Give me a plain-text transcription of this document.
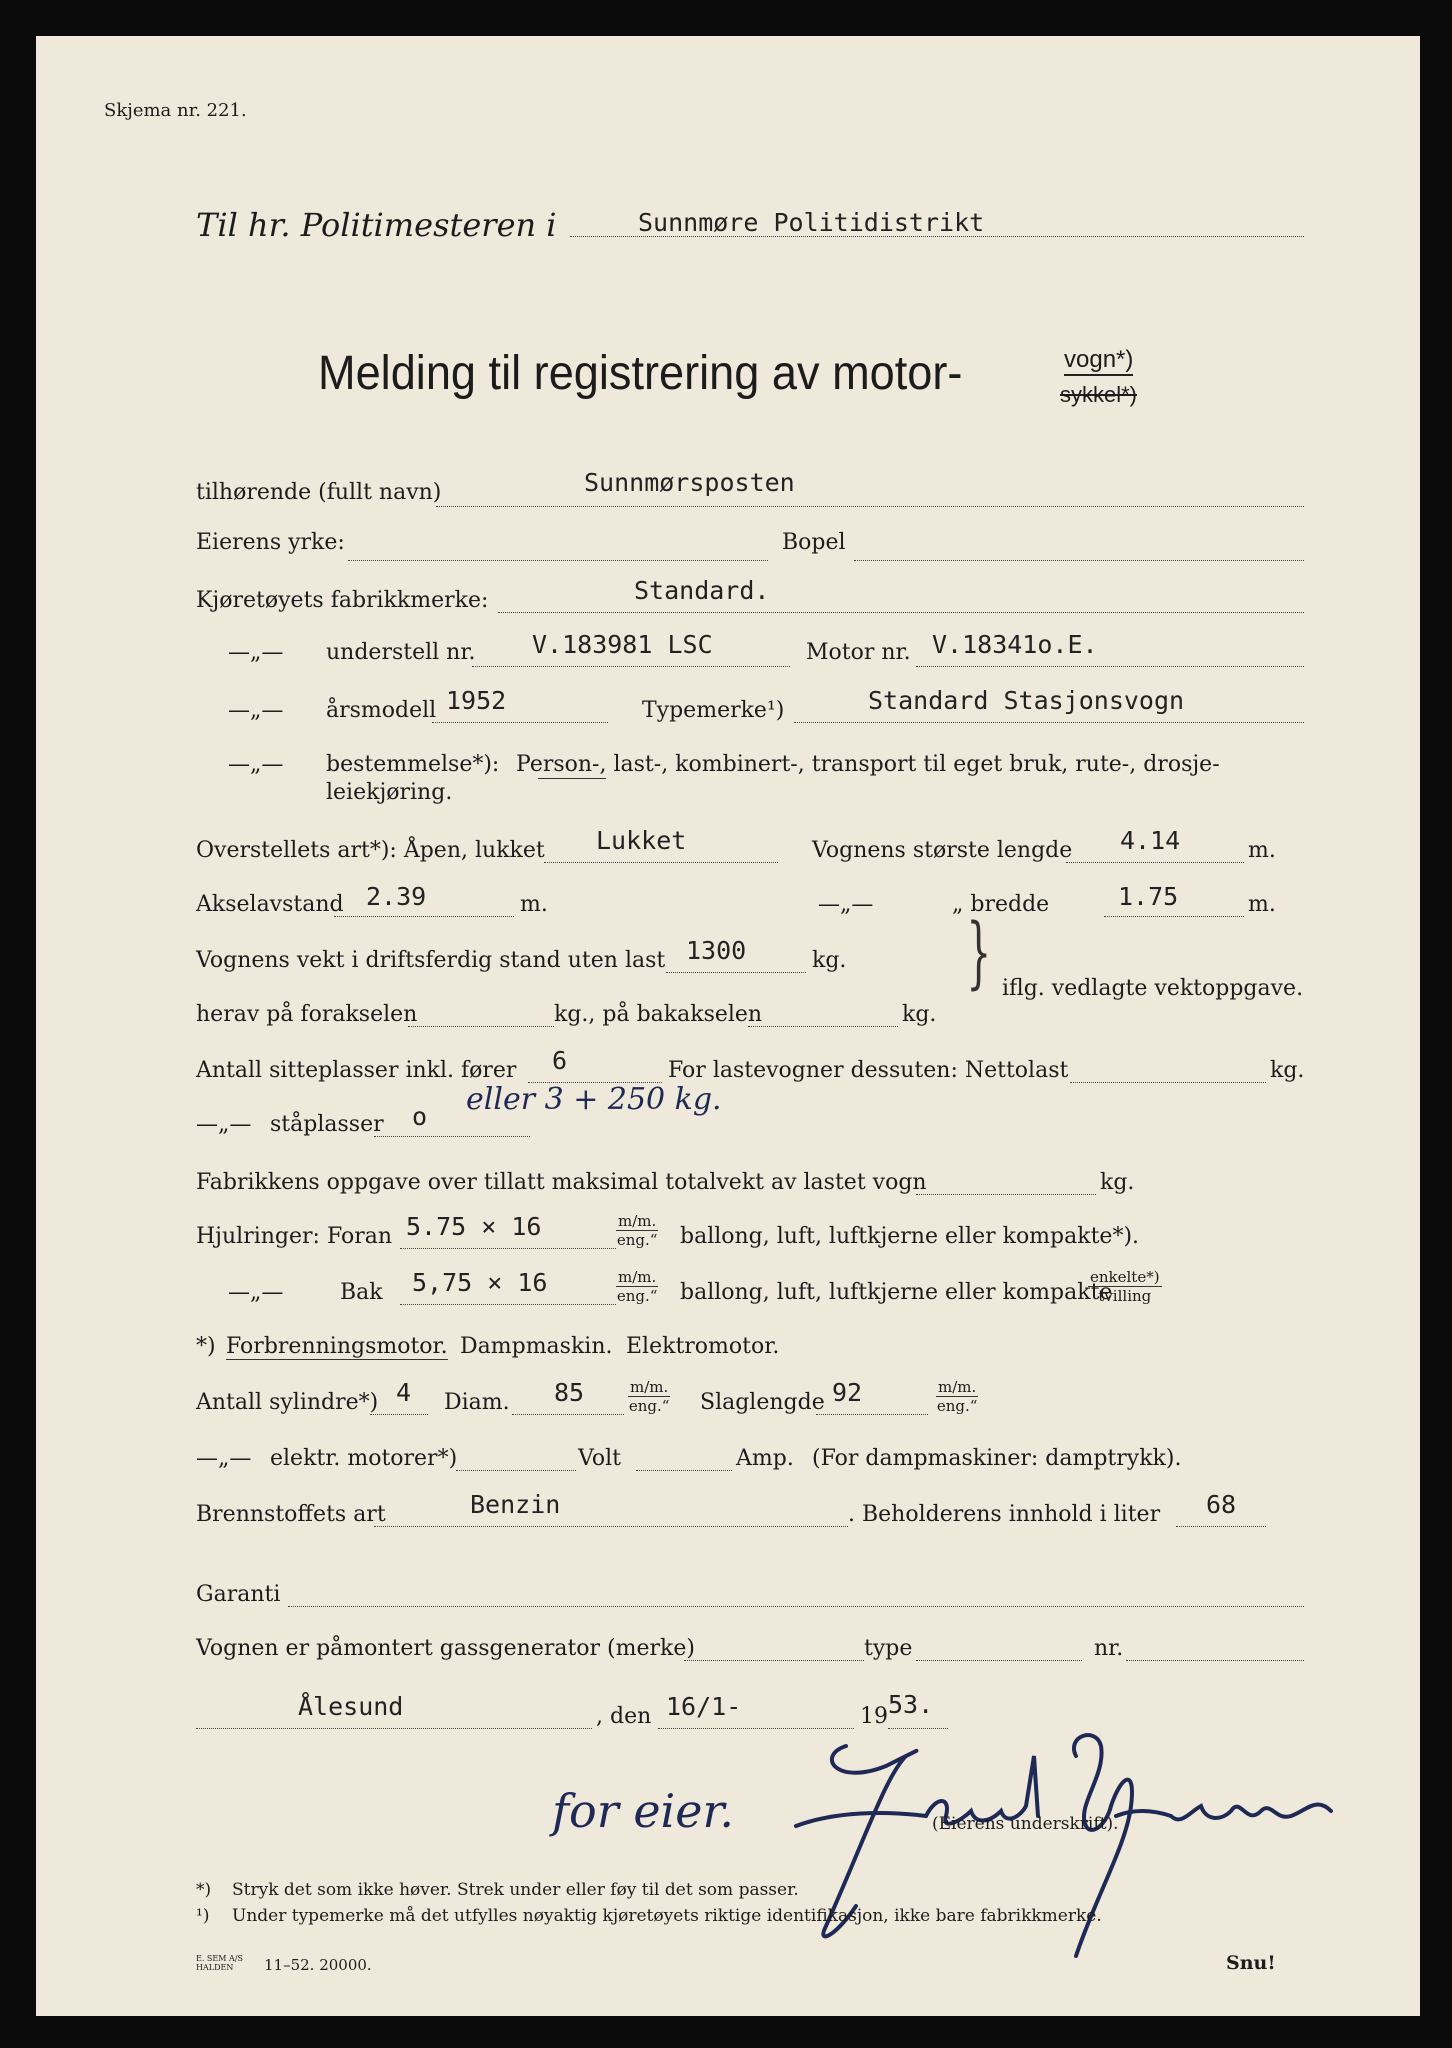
Skjema nr. 221.
Til hr. Politimesteren i	Sunnmøre Politidistrikt
Melding til registrering av motor-	vogn*)
sykkel*)
tilhørende (fullt navn)	Sunnmørsposten
Eierens yrke:	Bopel
Kjøretøyets fabrikkmerke:	Standard.
—„— understell nr. V.183981 LSC	Motor nr. V.18341o.E.
—„— årsmodell 1952	Typemerke¹)	Standard Stasjonsvogn
—„— bestemmelse*): Person-, last-, kombinert-, transport til eget bruk, rute-, drosje-
leiekjøring.
Overstellets art*): Åpen, lukket Lukket	Vognens største lengde 4.14	m.
Akselavstand 2.39	m.	—„—	„ bredde	1.75	m.
Vognens vekt i driftsferdig stand uten last 1300	kg.
herav på forakselen	kg., på bakakselen	kg.
} iflg. vedlagte vektoppgave.
Antall sitteplasser inkl. fører 6	For lastevogner dessuten: Nettolast	kg.
—„— ståplasser o eller 3 + 250 kg.
Fabrikkens oppgave over tillatt maksimal totalvekt av lastet vogn	kg.
Hjulringer: Foran 5.75 × 16	m/m.
eng.“ ballong, luft, luftkjerne eller kompakte*).
—„—	Bak 5,75 × 16	m/m.
eng.“ ballong, luft, luftkjerne eller kompakte
enkelte*)
tvilling
*) Forbrenningsmotor. Dampmaskin. Elektromotor.
Antall sylindre*) 4 Diam. 85	m/m.
eng.“ Slaglengde 92	m/m.
eng.“
—„— elektr. motorer*)	Volt	Amp. (For dampmaskiner: damptrykk).
Brennstoffets art	Benzin	. Beholderens innhold i liter 68
Garanti
Vognen er påmontert gassgenerator (merke)	type	nr.
Ålesund	, den 16/1-	19 53.
for eier.	(Eierens underskrift).
*) Stryk det som ikke høver. Strek under eller føy til det som passer.
¹) Under typemerke må det utfylles nøyaktig kjøretøyets riktige identifikasjon, ikke bare fabrikkmerke.
E. SEM A/S
HALDEN	11–52. 20000.	Snu!
